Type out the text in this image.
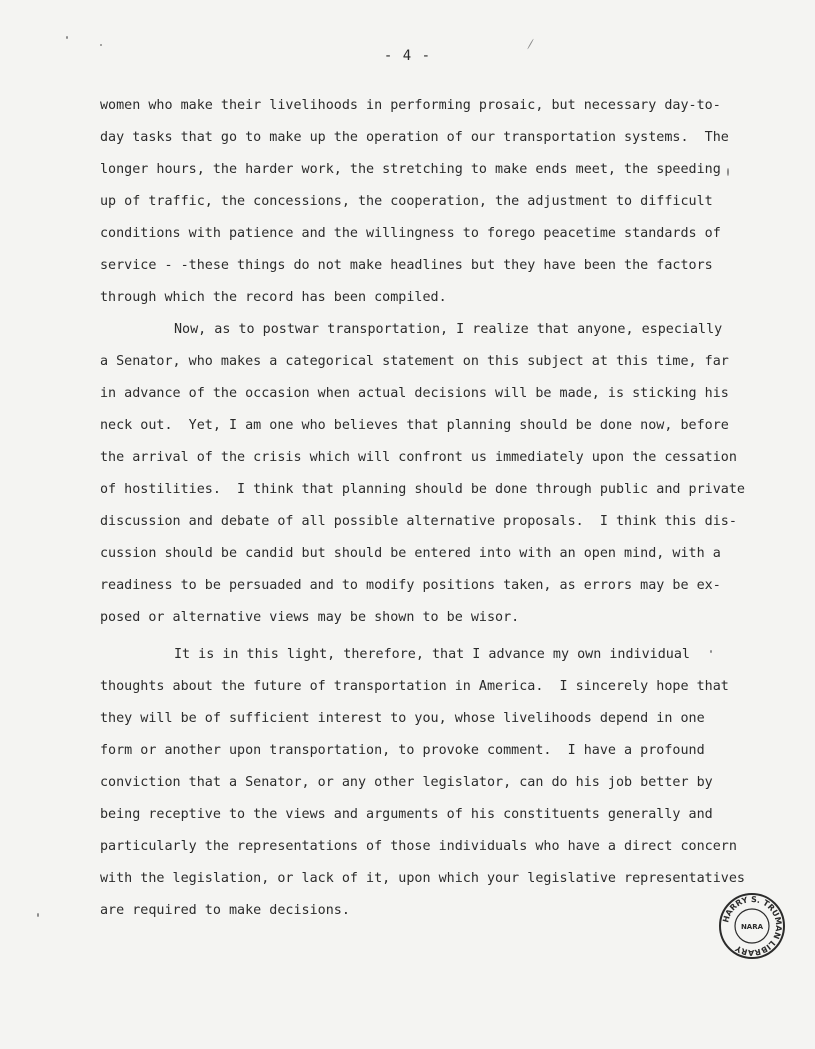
- 4 -
women who make their livelihoods in performing prosaic, but necessary day-to-
day tasks that go to make up the operation of our transportation systems.  The
longer hours, the harder work, the stretching to make ends meet, the speeding
up of traffic, the concessions, the cooperation, the adjustment to difficult
conditions with patience and the willingness to forego peacetime standards of
service - -these things do not make headlines but they have been the factors
through which the record has been compiled.
Now, as to postwar transportation, I realize that anyone, especially
a Senator, who makes a categorical statement on this subject at this time, far
in advance of the occasion when actual decisions will be made, is sticking his
neck out.  Yet, I am one who believes that planning should be done now, before
the arrival of the crisis which will confront us immediately upon the cessation
of hostilities.  I think that planning should be done through public and private
discussion and debate of all possible alternative proposals.  I think this dis-
cussion should be candid but should be entered into with an open mind, with a
readiness to be persuaded and to modify positions taken, as errors may be ex-
posed or alternative views may be shown to be wisor.
It is in this light, therefore, that I advance my own individual
thoughts about the future of transportation in America.  I sincerely hope that
they will be of sufficient interest to you, whose livelihoods depend in one
form or another upon transportation, to provoke comment.  I have a profound
conviction that a Senator, or any other legislator, can do his job better by
being receptive to the views and arguments of his constituents generally and
particularly the representations of those individuals who have a direct concern
with the legislation, or lack of it, upon which your legislative representatives
are required to make decisions.
HARRY S. TRUMAN LIBRARY
NARA
